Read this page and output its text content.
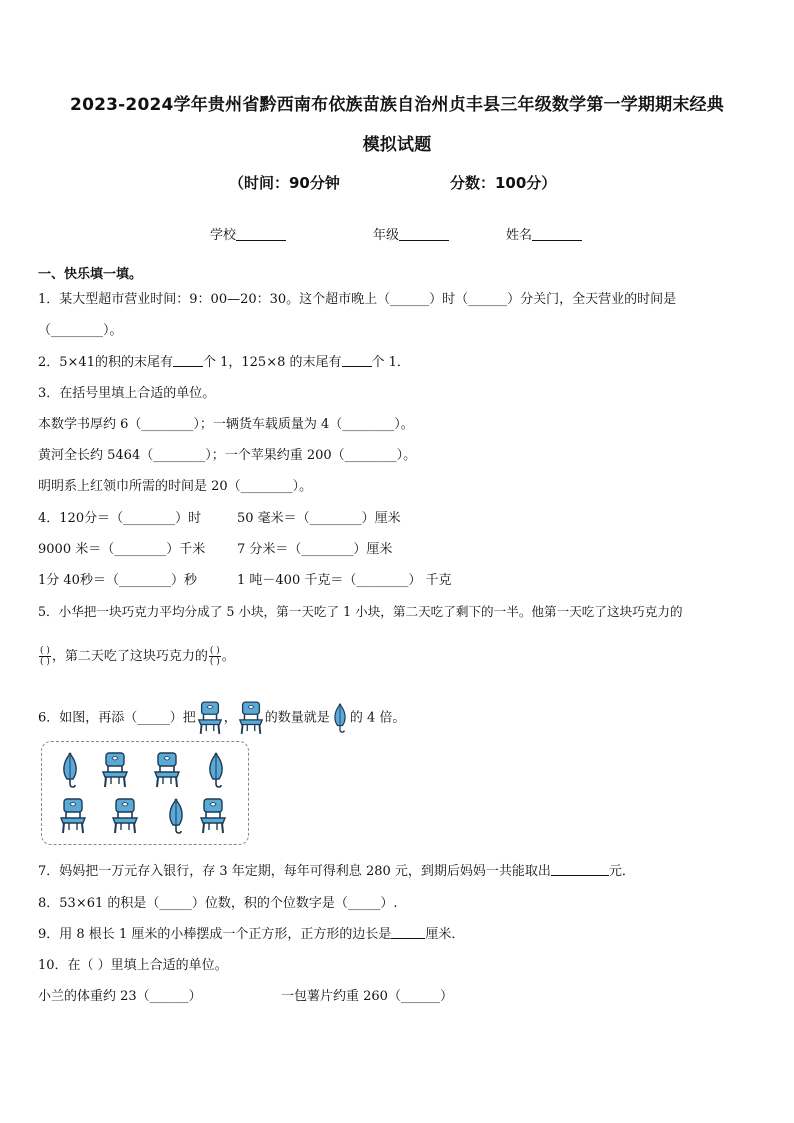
2023-2024学年贵州省黔西南布依族苗族自治州贞丰县三年级数学第一学期期末经典
模拟试题
（时间：90分钟	分数：100分）
学校	年级	姓名
一、快乐填一填。
1．某大型超市营业时间：9：00—20：30。这个超市晚上（______）时（______）分关门，全天营业的时间是
（________）。
2．5×41的积的末尾有 个 1，125×8 的末尾有 个 1．
3．在括号里填上合适的单位。
本数学书厚约 6（________）；一辆货车载质量为 4（________）。
黄河全长约 5464（________）；一个苹果约重 200（________）。
明明系上红领巾所需的时间是 20（________）。
4．120分＝（________）时	50 毫米＝（________）厘米
9000 米＝（________）千米 7 分米＝（________）厘米
1分 40秒＝（________）秒	1 吨－400 千克＝（________） 千克
5．小华把一块巧克力平均分成了 5 小块，第一天吃了 1 小块，第二天吃了剩下的一半。他第一天吃了这块巧克力的
$\frac{( )}{( )}$ ，第二天吃了这块巧克力的 $\frac{( )}{( )}$ 。
6．如图，再添（_____）把 ， 的数量就是 的 4 倍。
7．妈妈把一万元存入银行，存 3 年定期，每年可得利息 280 元，到期后妈妈一共能取出	元．
8．53×61 的积是（_____）位数，积的个位数字是（_____）.
9．用 8 根长 1 厘米的小棒摆成一个正方形，正方形的边长是	厘米．
10．在（ ）里填上合适的单位。
小兰的体重约 23（______）	一包薯片约重 260（______）
